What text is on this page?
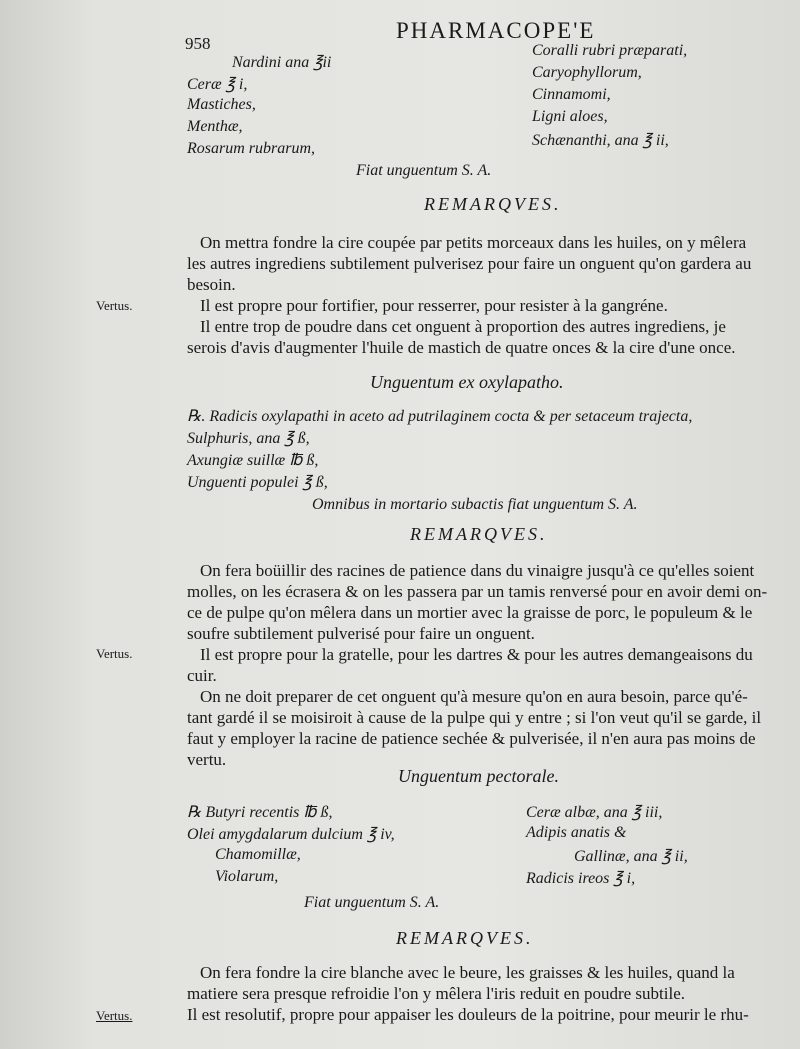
958
PHARMACOPE'E
Nardini ana ℥ii
Ceræ ℥ i,
Mastiches,
Menthæ,
Rosarum rubrarum,
Coralli rubri præparati,
Caryophyllorum,
Cinnamomi,
Ligni aloes,
Schænanthi, ana ℥ ii,
Fiat unguentum S. A.
REMARQVES.
On mettra fondre la cire coupée par petits morceaux dans les huiles, on y mêlera
les autres ingrediens subtilement pulverisez pour faire un onguent qu'on gardera au
besoin.
Vertus.	Il est propre pour fortifier, pour resserrer, pour resister à la gangréne.
Il entre trop de poudre dans cet onguent à proportion des autres ingrediens, je
serois d'avis d'augmenter l'huile de mastich de quatre onces & la cire d'une once.
Unguentum ex oxylapatho.
℞. Radicis oxylapathi in aceto ad putrilaginem cocta & per setaceum trajecta,
Sulphuris, ana ℥ ß,
Axungiæ suillæ ℔ ß,
Unguenti populei ℥ ß,
Omnibus in mortario subactis fiat unguentum S. A.
REMARQVES.
On fera boüillir des racines de patience dans du vinaigre jusqu'à ce qu'elles soient
molles, on les écrasera & on les passera par un tamis renversé pour en avoir demi on-
ce de pulpe qu'on mêlera dans un mortier avec la graisse de porc, le populeum & le
soufre subtilement pulverisé pour faire un onguent.
Vertus.	Il est propre pour la gratelle, pour les dartres & pour les autres demangeaisons du
cuir.
On ne doit preparer de cet onguent qu'à mesure qu'on en aura besoin, parce qu'é-
tant gardé il se moisiroit à cause de la pulpe qui y entre ; si l'on veut qu'il se garde, il
faut y employer la racine de patience sechée & pulverisée, il n'en aura pas moins de
vertu.
Unguentum pectorale.
℞ Butyri recentis ℔ ß,
Olei amygdalarum dulcium ℥ iv,
Chamomillæ,
Violarum,
Ceræ albæ, ana ℥ iii,
Adipis anatis &
Gallinæ, ana ℥ ii,
Radicis ireos ℥ i,
Fiat unguentum S. A.
REMARQVES.
On fera fondre la cire blanche avec le beure, les graisses & les huiles, quand la
matiere sera presque refroidie l'on y mêlera l'iris reduit en poudre subtile.
Vertus.	Il est resolutif, propre pour appaiser les douleurs de la poitrine, pour meurir le rhu-
